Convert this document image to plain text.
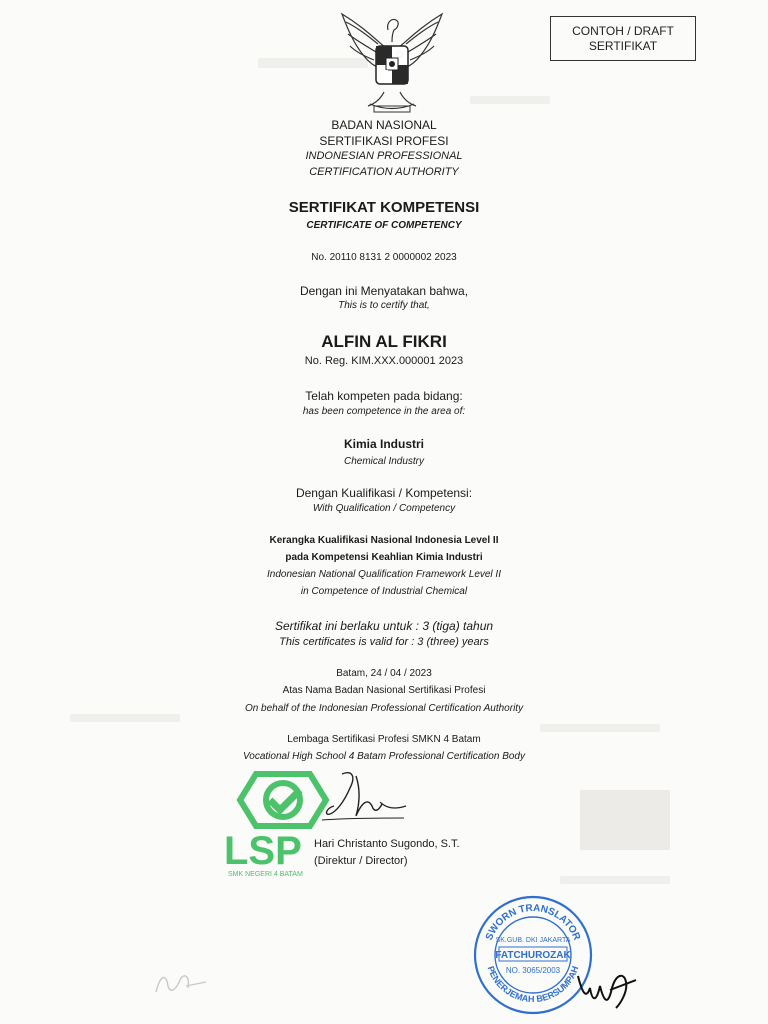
CONTOH / DRAFT
SERTIFIKAT
BADAN NASIONAL
SERTIFIKASI PROFESI
INDONESIAN PROFESSIONAL
CERTIFICATION AUTHORITY
SERTIFIKAT KOMPETENSI
CERTIFICATE OF COMPETENCY
No. 20110 8131 2 0000002 2023
Dengan ini Menyatakan bahwa,
This is to certify that,
ALFIN AL FIKRI
No. Reg. KIM.XXX.000001 2023
Telah kompeten pada bidang:
has been competence in the area of:
Kimia Industri
Chemical Industry
Dengan Kualifikasi / Kompetensi:
With Qualification / Competency
Kerangka Kualifikasi Nasional Indonesia Level II
pada Kompetensi Keahlian Kimia Industri
Indonesian National Qualification Framework Level II
in Competence of Industrial Chemical
Sertifikat ini berlaku untuk : 3 (tiga) tahun
This certificates is valid for : 3 (three) years
Batam, 24 / 04 / 2023
Atas Nama Badan Nasional Sertifikasi Profesi
On behalf of the Indonesian Professional Certification Authority
Lembaga Sertifikasi Profesi SMKN 4 Batam
Vocational High School 4 Batam Professional Certification Body
LSP
SMK NEGERI 4 BATAM
Hari Christanto Sugondo, S.T.
(Direktur / Director)
SWORN TRANSLATOR
PENERJEMAH BERSUMPAH
SK.GUB. DKI JAKARTA
FATCHUROZAK
NO. 3065/2003
